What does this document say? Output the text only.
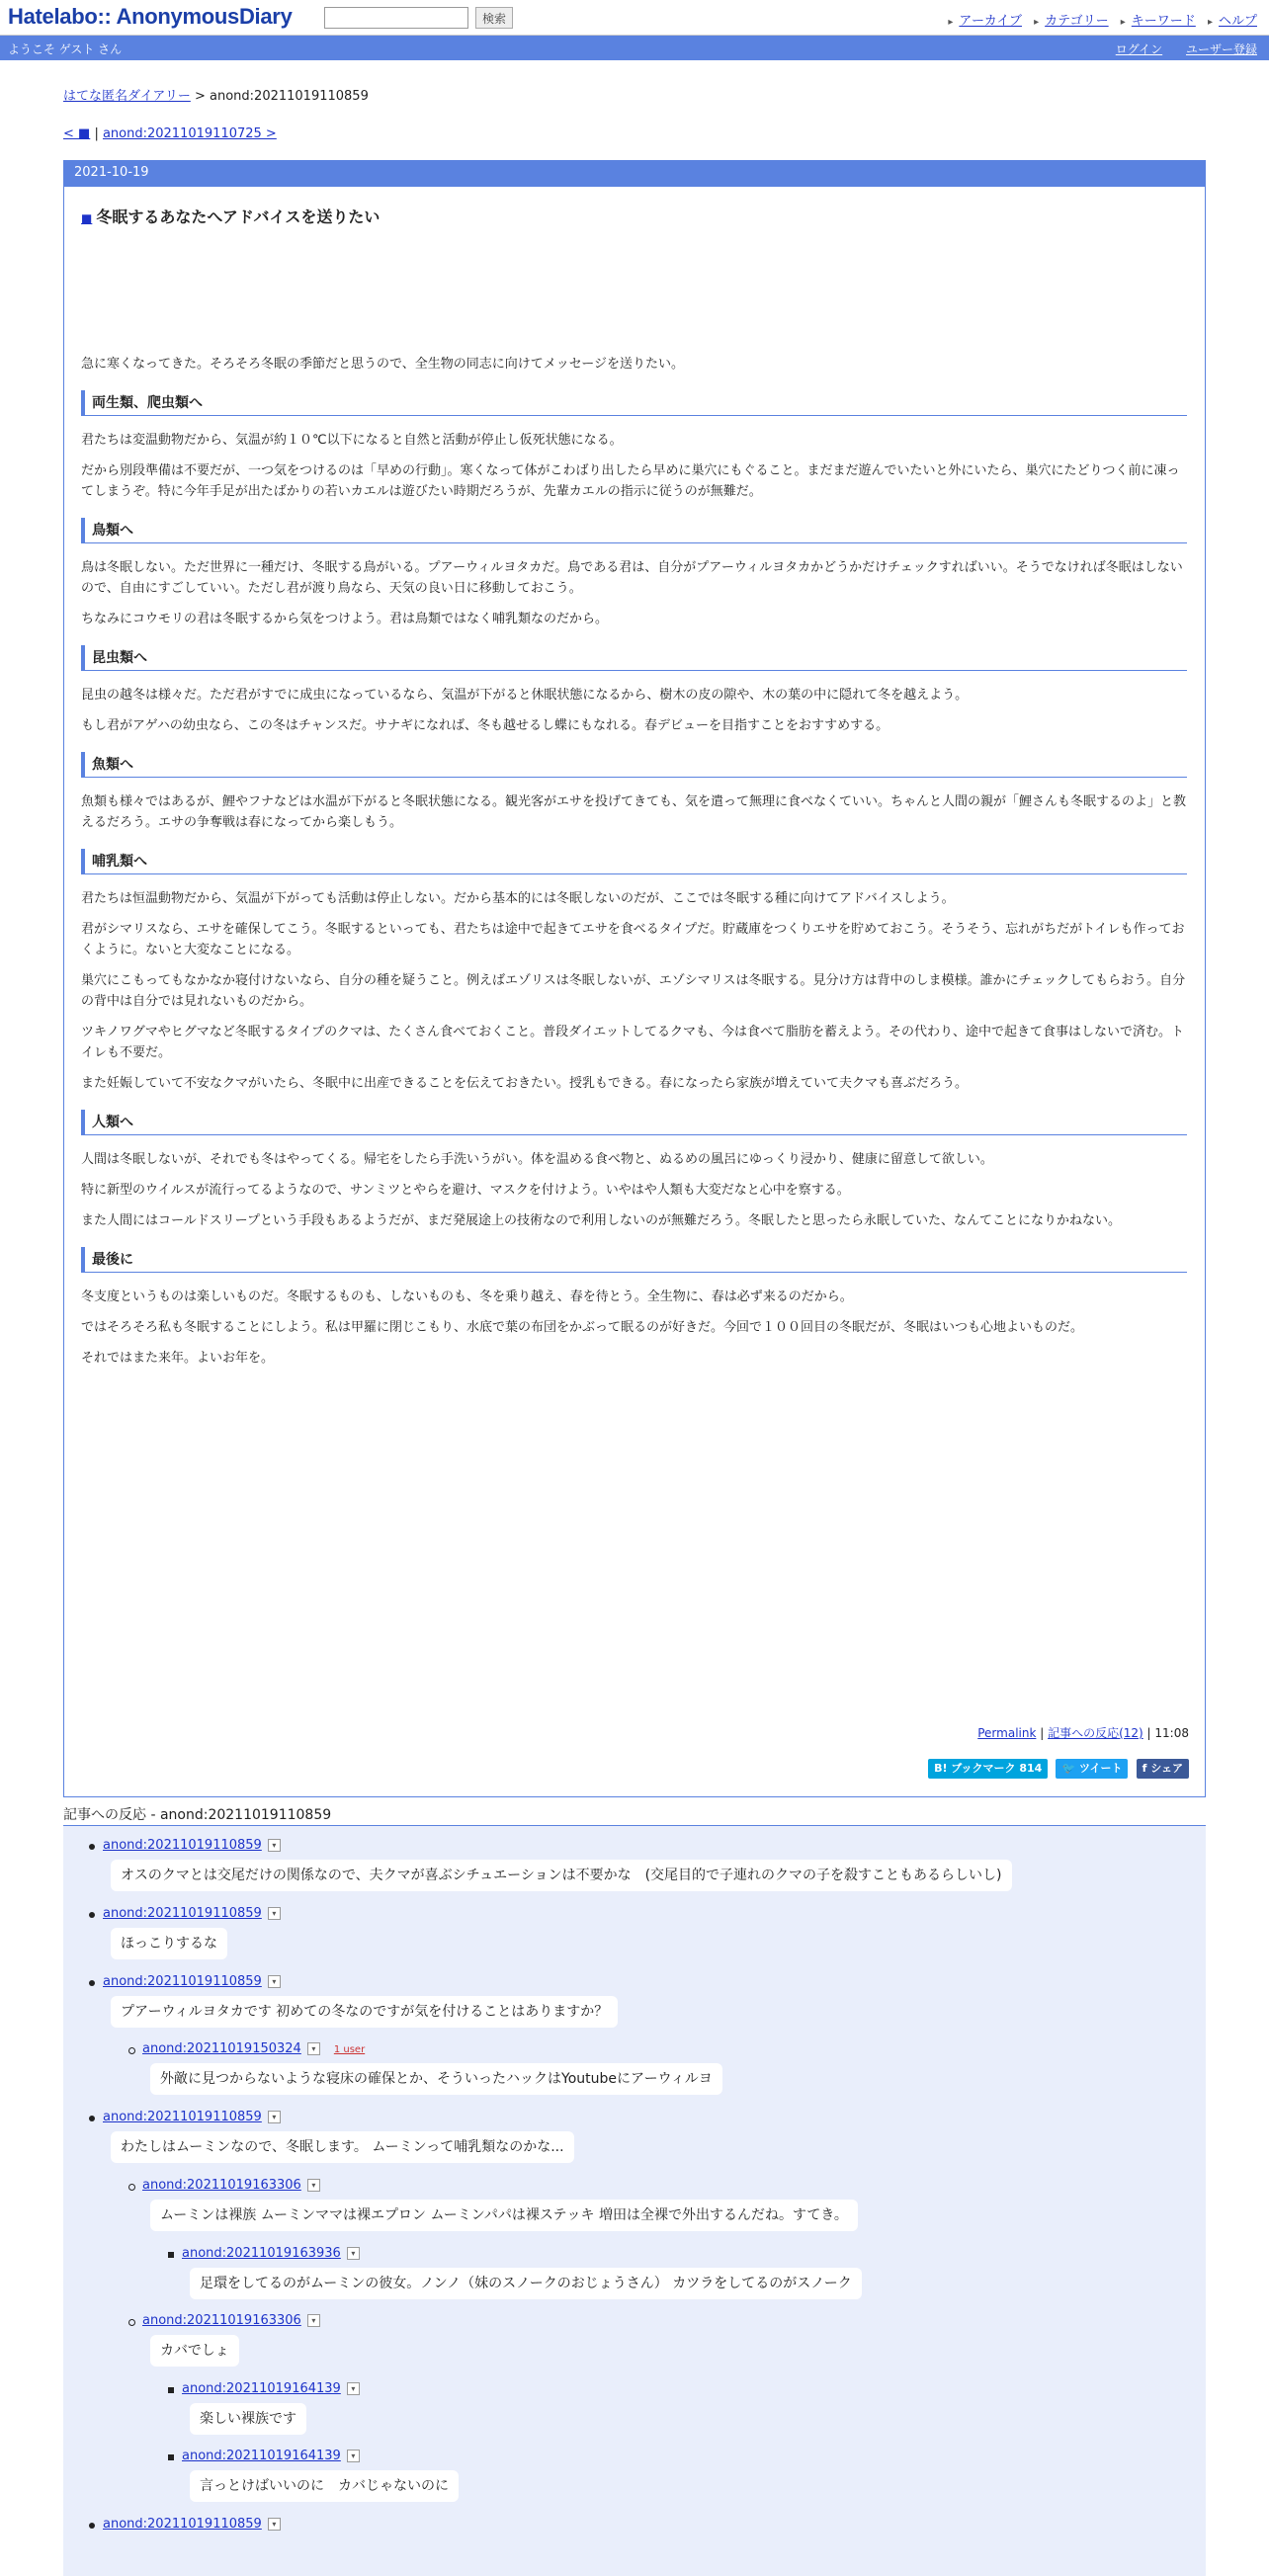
Hatelabo:: AnonymousDiary	検索	▸ アーカイブ ▸ カテゴリー ▸ キーワード ▸ ヘルプ
ようこそ ゲスト さん	ログイン ユーザー登録
はてな匿名ダイアリー > anond:20211019110859
< ■ | anond:20211019110725 >
2021-10-19
■ 冬眠するあなたへアドバイスを送りたい

急に寒くなってきた。そろそろ冬眠の季節だと思うので、全生物の同志に向けてメッセージを送りたい。

両生類、爬虫類へ

君たちは変温動物だから、気温が約１０℃以下になると自然と活動が停止し仮死状態になる。

だから別段準備は不要だが、一つ気をつけるのは「早めの行動」。寒くなって体がこわばり出したら早めに巣穴にもぐること。まだまだ遊んでいたいと外にいたら、巣穴にたどりつく前に凍ってしまうぞ。特に今年手足が出たばかりの若いカエルは遊びたい時期だろうが、先輩カエルの指示に従うのが無難だ。

鳥類へ

鳥は冬眠しない。ただ世界に一種だけ、冬眠する鳥がいる。プアーウィルヨタカだ。鳥である君は、自分がプアーウィルヨタカかどうかだけチェックすればいい。そうでなければ冬眠はしないので、自由にすごしていい。ただし君が渡り鳥なら、天気の良い日に移動しておこう。

ちなみにコウモリの君は冬眠するから気をつけよう。君は鳥類ではなく哺乳類なのだから。

昆虫類へ

昆虫の越冬は様々だ。ただ君がすでに成虫になっているなら、気温が下がると休眠状態になるから、樹木の皮の隙や、木の葉の中に隠れて冬を越えよう。

もし君がアゲハの幼虫なら、この冬はチャンスだ。サナギになれば、冬も越せるし蝶にもなれる。春デビューを目指すことをおすすめする。

魚類へ

魚類も様々ではあるが、鯉やフナなどは水温が下がると冬眠状態になる。観光客がエサを投げてきても、気を遣って無理に食べなくていい。ちゃんと人間の親が「鯉さんも冬眠するのよ」と教えるだろう。エサの争奪戦は春になってから楽しもう。

哺乳類へ

君たちは恒温動物だから、気温が下がっても活動は停止しない。だから基本的には冬眠しないのだが、ここでは冬眠する種に向けてアドバイスしよう。

君がシマリスなら、エサを確保してこう。冬眠するといっても、君たちは途中で起きてエサを食べるタイプだ。貯蔵庫をつくりエサを貯めておこう。そうそう、忘れがちだがトイレも作っておくように。ないと大変なことになる。

巣穴にこもってもなかなか寝付けないなら、自分の種を疑うこと。例えばエゾリスは冬眠しないが、エゾシマリスは冬眠する。見分け方は背中のしま模様。誰かにチェックしてもらおう。自分の背中は自分では見れないものだから。

ツキノワグマやヒグマなど冬眠するタイプのクマは、たくさん食べておくこと。普段ダイエットしてるクマも、今は食べて脂肪を蓄えよう。その代わり、途中で起きて食事はしないで済む。トイレも不要だ。

また妊娠していて不安なクマがいたら、冬眠中に出産できることを伝えておきたい。授乳もできる。春になったら家族が増えていて夫クマも喜ぶだろう。

人類へ

人間は冬眠しないが、それでも冬はやってくる。帰宅をしたら手洗いうがい。体を温める食べ物と、ぬるめの風呂にゆっくり浸かり、健康に留意して欲しい。

特に新型のウイルスが流行ってるようなので、サンミツとやらを避け、マスクを付けよう。いやはや人類も大変だなと心中を察する。

また人間にはコールドスリープという手段もあるようだが、まだ発展途上の技術なので利用しないのが無難だろう。冬眠したと思ったら永眠していた、なんてことになりかねない。

最後に

冬支度というものは楽しいものだ。冬眠するものも、しないものも、冬を乗り越え、春を待とう。全生物に、春は必ず来るのだから。

ではそろそろ私も冬眠することにしよう。私は甲羅に閉じこもり、水底で葉の布団をかぶって眠るのが好きだ。今回で１００回目の冬眠だが、冬眠はいつも心地よいものだ。

それではまた来年。よいお年を。

Permalink | 記事への反応(12) | 11:08
B! ブックマーク 814 🐦 ツイート f シェア
記事への反応 - anond:20211019110859
anond:20211019110859 ▾
オスのクマとは交尾だけの関係なので、夫クマが喜ぶシチュエーションは不要かな　(交尾目的で子連れのクマの子を殺すこともあるらしいし)
anond:20211019110859 ▾
ほっこりするな
anond:20211019110859 ▾
プアーウィルヨタカです 初めての冬なのですが気を付けることはありますか？
anond:20211019150324 ▾ 1 user
外敵に見つからないような寝床の確保とか、そういったハックはYoutubeにアーウィルヨ
anond:20211019110859 ▾
わたしはムーミンなので、冬眠します。 ムーミンって哺乳類なのかな...
anond:20211019163306 ▾
ムーミンは裸族 ムーミンママは裸エプロン ムーミンパパは裸ステッキ 増田は全裸で外出するんだね。すてき。
anond:20211019163936 ▾
足環をしてるのがムーミンの彼女。ノンノ（妹のスノークのおじょうさん） カツラをしてるのがスノーク
anond:20211019163306 ▾
カバでしょ
anond:20211019164139 ▾
楽しい裸族です
anond:20211019164139 ▾
言っとけばいいのに　カバじゃないのに
anond:20211019110859 ▾
